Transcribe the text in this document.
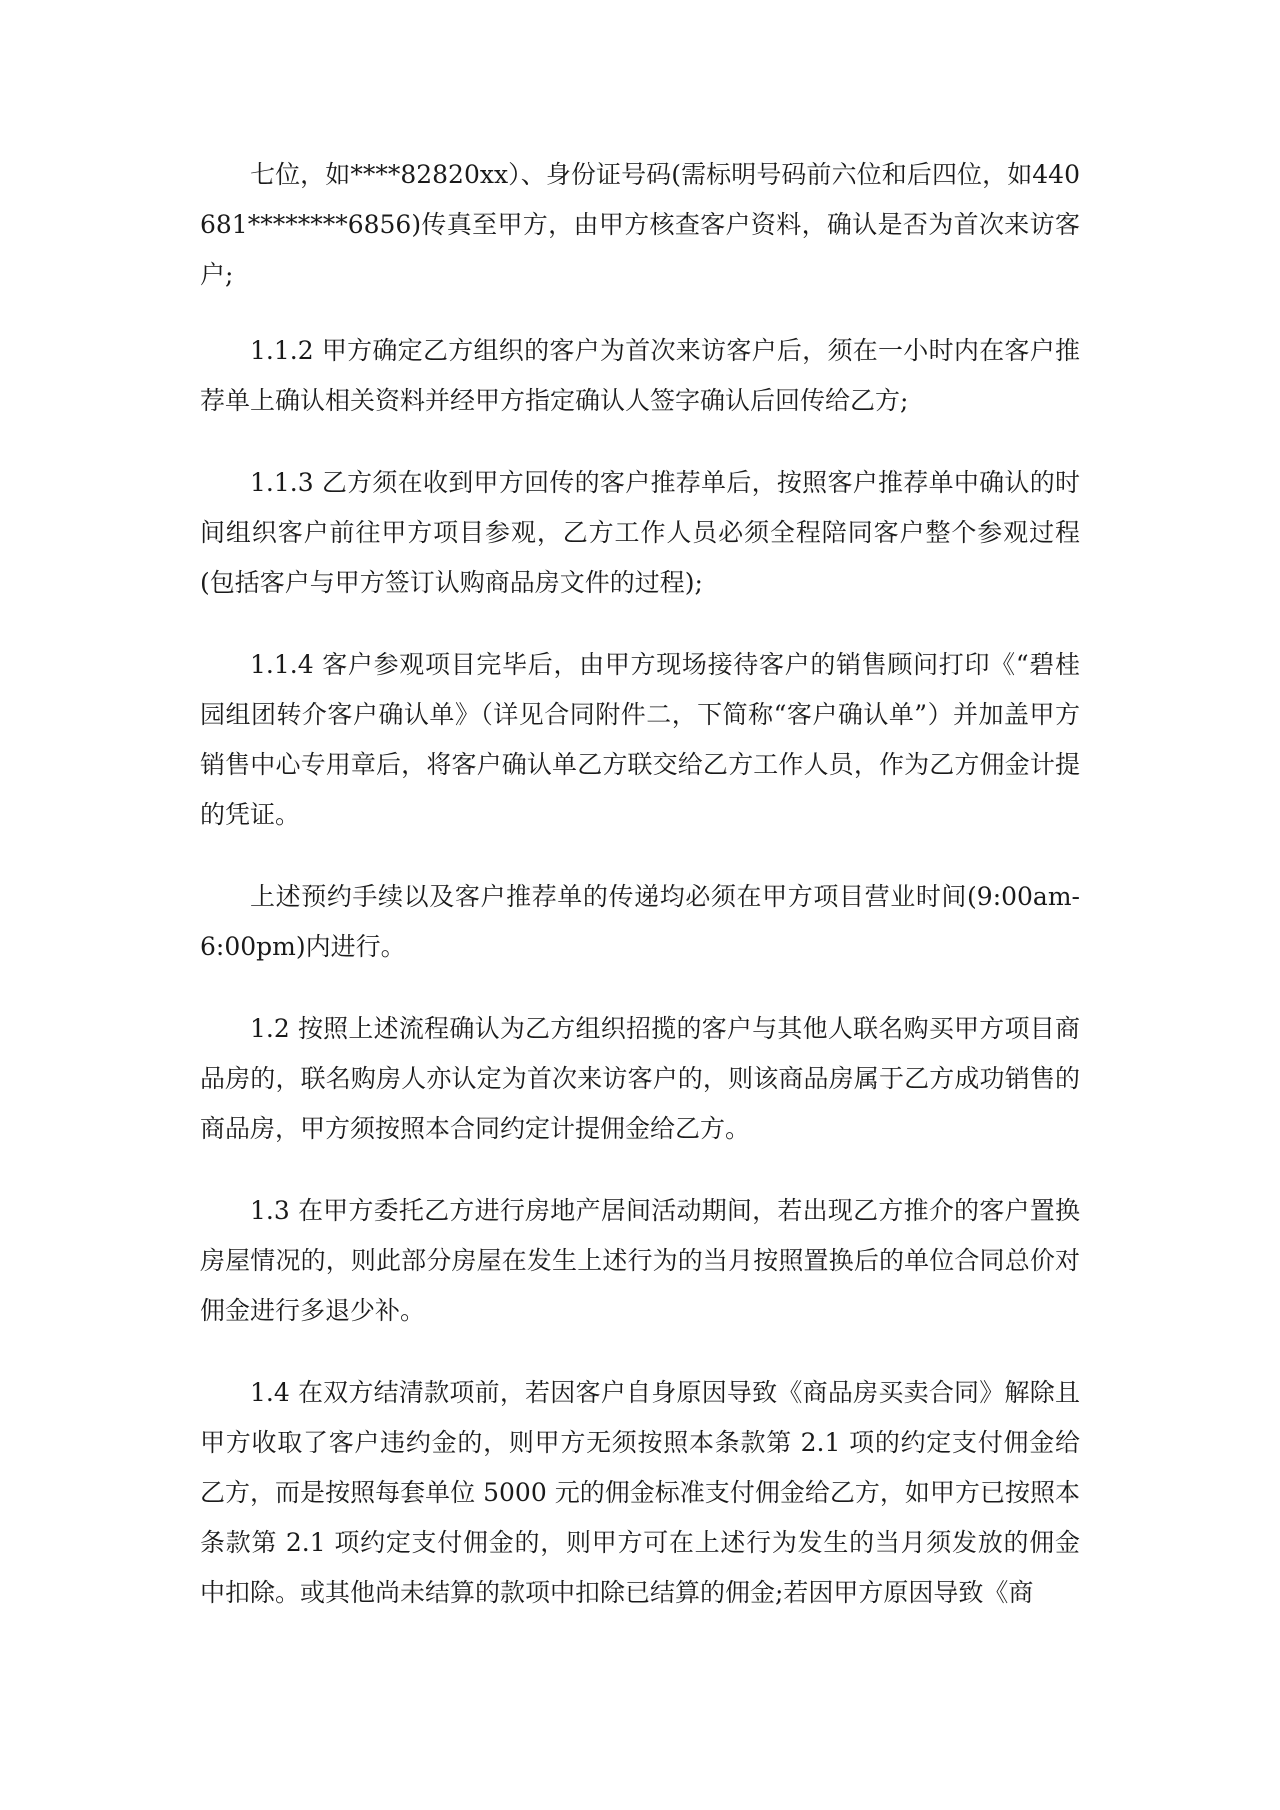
七位，如****82820xx）、身份证号码(需标明号码前六位和后四位，如440681********6856)传真至甲方，由甲方核查客户资料，确认是否为首次来访客户;

1.1.2 甲方确定乙方组织的客户为首次来访客户后，须在一小时内在客户推荐单上确认相关资料并经甲方指定确认人签字确认后回传给乙方;

1.1.3 乙方须在收到甲方回传的客户推荐单后，按照客户推荐单中确认的时间组织客户前往甲方项目参观，乙方工作人员必须全程陪同客户整个参观过程(包括客户与甲方签订认购商品房文件的过程);

1.1.4 客户参观项目完毕后，由甲方现场接待客户的销售顾问打印《“碧桂园组团转介客户确认单》（详见合同附件二，下简称“客户确认单”）并加盖甲方销售中心专用章后，将客户确认单乙方联交给乙方工作人员，作为乙方佣金计提的凭证。

上述预约手续以及客户推荐单的传递均必须在甲方项目营业时间(9:00am-6:00pm)内进行。

1.2 按照上述流程确认为乙方组织招揽的客户与其他人联名购买甲方项目商品房的，联名购房人亦认定为首次来访客户的，则该商品房属于乙方成功销售的商品房，甲方须按照本合同约定计提佣金给乙方。

1.3 在甲方委托乙方进行房地产居间活动期间，若出现乙方推介的客户置换房屋情况的，则此部分房屋在发生上述行为的当月按照置换后的单位合同总价对佣金进行多退少补。

1.4 在双方结清款项前，若因客户自身原因导致《商品房买卖合同》解除且甲方收取了客户违约金的，则甲方无须按照本条款第 2.1 项的约定支付佣金给乙方，而是按照每套单位 5000 元的佣金标准支付佣金给乙方，如甲方已按照本条款第 2.1 项约定支付佣金的，则甲方可在上述行为发生的当月须发放的佣金中扣除。或其他尚未结算的款项中扣除已结算的佣金;若因甲方原因导致《商
